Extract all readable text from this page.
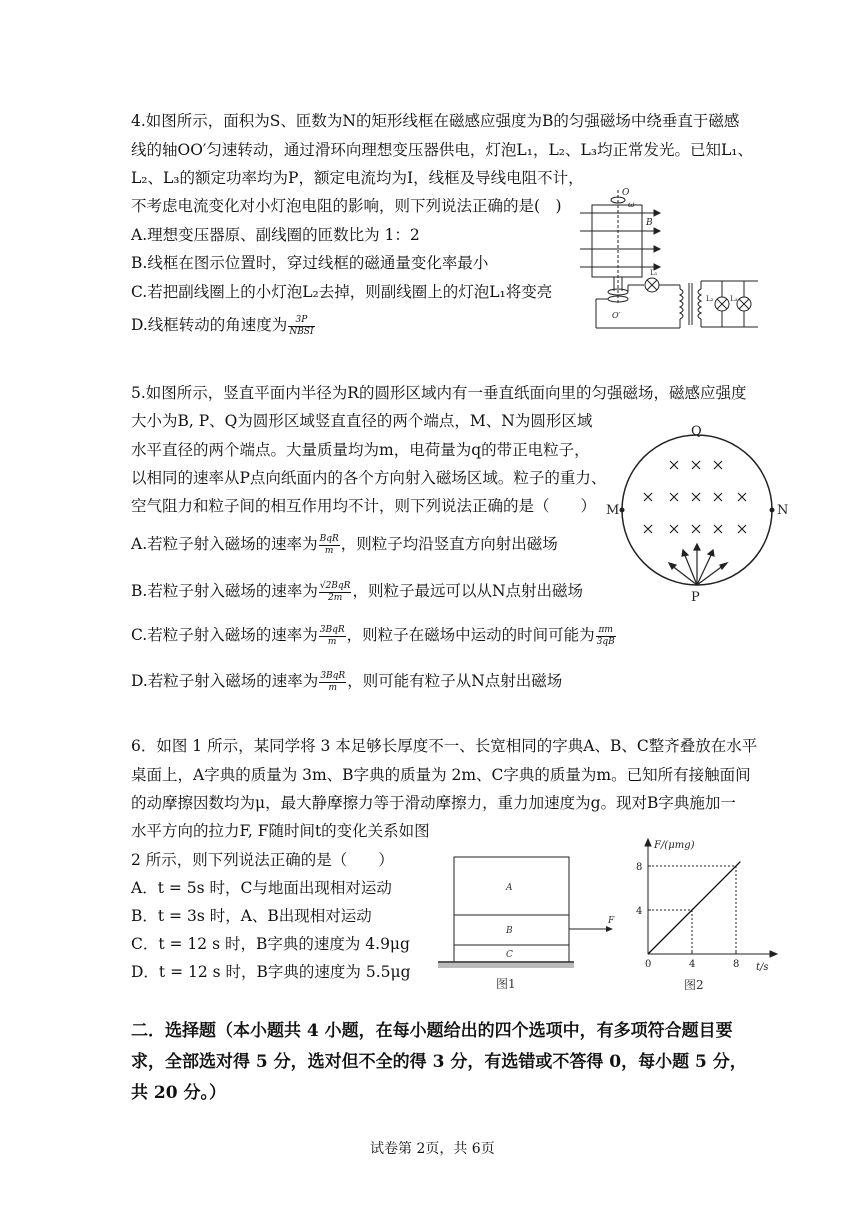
4.如图所示，面积为S、匝数为N的矩形线框在磁感应强度为B的匀强磁场中绕垂直于磁感
线的轴OO′匀速转动，通过滑环向理想变压器供电，灯泡L₁，L₂、L₃均正常发光。已知L₁、
L₂、L₃的额定功率均为P，额定电流均为I，线框及导线电阻不计，
不考虑电流变化对小灯泡电阻的影响，则下列说法正确的是(　)
A.理想变压器原、副线圈的匝数比为 1：2
B.线框在图示位置时，穿过线框的磁通量变化率最小
C.若把副线圈上的小灯泡L₂去掉，则副线圈上的灯泡L₁将变亮
D.线框转动的角速度为 $\frac{3P}{\text{NBSI}}$
O
ω
B
L₁
L₂ L₃
O′
5.如图所示，竖直平面内半径为R的圆形区域内有一垂直纸面向里的匀强磁场，磁感应强度
大小为B, P、Q为圆形区域竖直直径的两个端点，M、N为圆形区域
水平直径的两个端点。大量质量均为m，电荷量为q的带正电粒子，
以相同的速率从P点向纸面内的各个方向射入磁场区域。粒子的重力、
空气阻力和粒子间的相互作用均不计，则下列说法正确的是（　　）
A.若粒子射入磁场的速率为 $\frac{\text{BqR}}{m}$ ，则粒子均沿竖直方向射出磁场
B.若粒子射入磁场的速率为 $\frac{\text{√2BqR}}{2m}$ ，则粒子最远可以从N点射出磁场
C.若粒子射入磁场的速率为 $\frac{\text{3BqR}}{m}$ ，则粒子在磁场中运动的时间可能为 $\frac{\pi m}{3qB}$
D.若粒子射入磁场的速率为 $\frac{\text{3BqR}}{m}$ ，则可能有粒子从N点射出磁场
Q
M	N
P
6．如图 1 所示，某同学将 3 本足够长厚度不一、长宽相同的字典A、B、C整齐叠放在水平
桌面上，A字典的质量为 3m、B字典的质量为 2m、C字典的质量为m。已知所有接触面间
的动摩擦因数均为μ，最大静摩擦力等于滑动摩擦力，重力加速度为g。现对B字典施加一
水平方向的拉力F, F随时间t的变化关系如图
2 所示，则下列说法正确的是（　　）
A．t = 5s 时，C与地面出现相对运动
B．t = 3s 时，A、B出现相对运动
C．t = 12 s 时，B字典的速度为 4.9μg
D．t = 12 s 时，B字典的速度为 5.5μg
A
B
C
F
图1
F/(μmg)
t/s
图2
0	4	8
4
8
二．选择题（本小题共 4 小题，在每小题给出的四个选项中，有多项符合题目要
求，全部选对得 5 分，选对但不全的得 3 分，有选错或不答得 0，每小题 5 分，
共 20 分。）
试卷第 2页，共 6页
